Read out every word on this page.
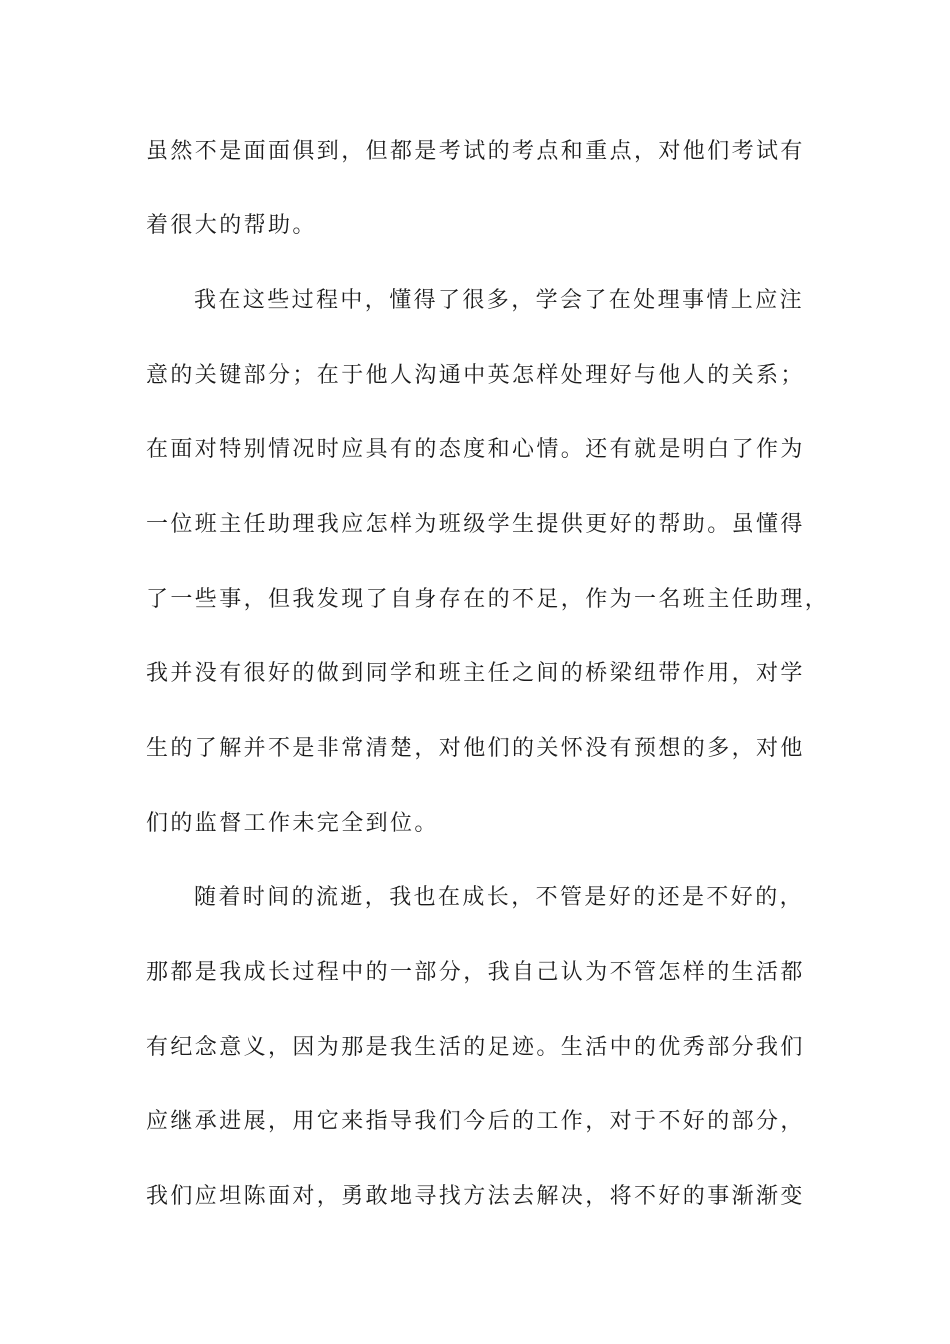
虽然不是面面俱到，但都是考试的考点和重点，对他们考试有
着很大的帮助。
我在这些过程中，懂得了很多，学会了在处理事情上应注
意的关键部分；在于他人沟通中英怎样处理好与他人的关系；
在面对特别情况时应具有的态度和心情。还有就是明白了作为
一位班主任助理我应怎样为班级学生提供更好的帮助。虽懂得
了一些事，但我发现了自身存在的不足，作为一名班主任助理，
我并没有很好的做到同学和班主任之间的桥梁纽带作用，对学
生的了解并不是非常清楚，对他们的关怀没有预想的多，对他
们的监督工作未完全到位。
随着时间的流逝，我也在成长，不管是好的还是不好的，
那都是我成长过程中的一部分，我自己认为不管怎样的生活都
有纪念意义，因为那是我生活的足迹。生活中的优秀部分我们
应继承进展，用它来指导我们今后的工作，对于不好的部分，
我们应坦陈面对，勇敢地寻找方法去解决，将不好的事渐渐变
